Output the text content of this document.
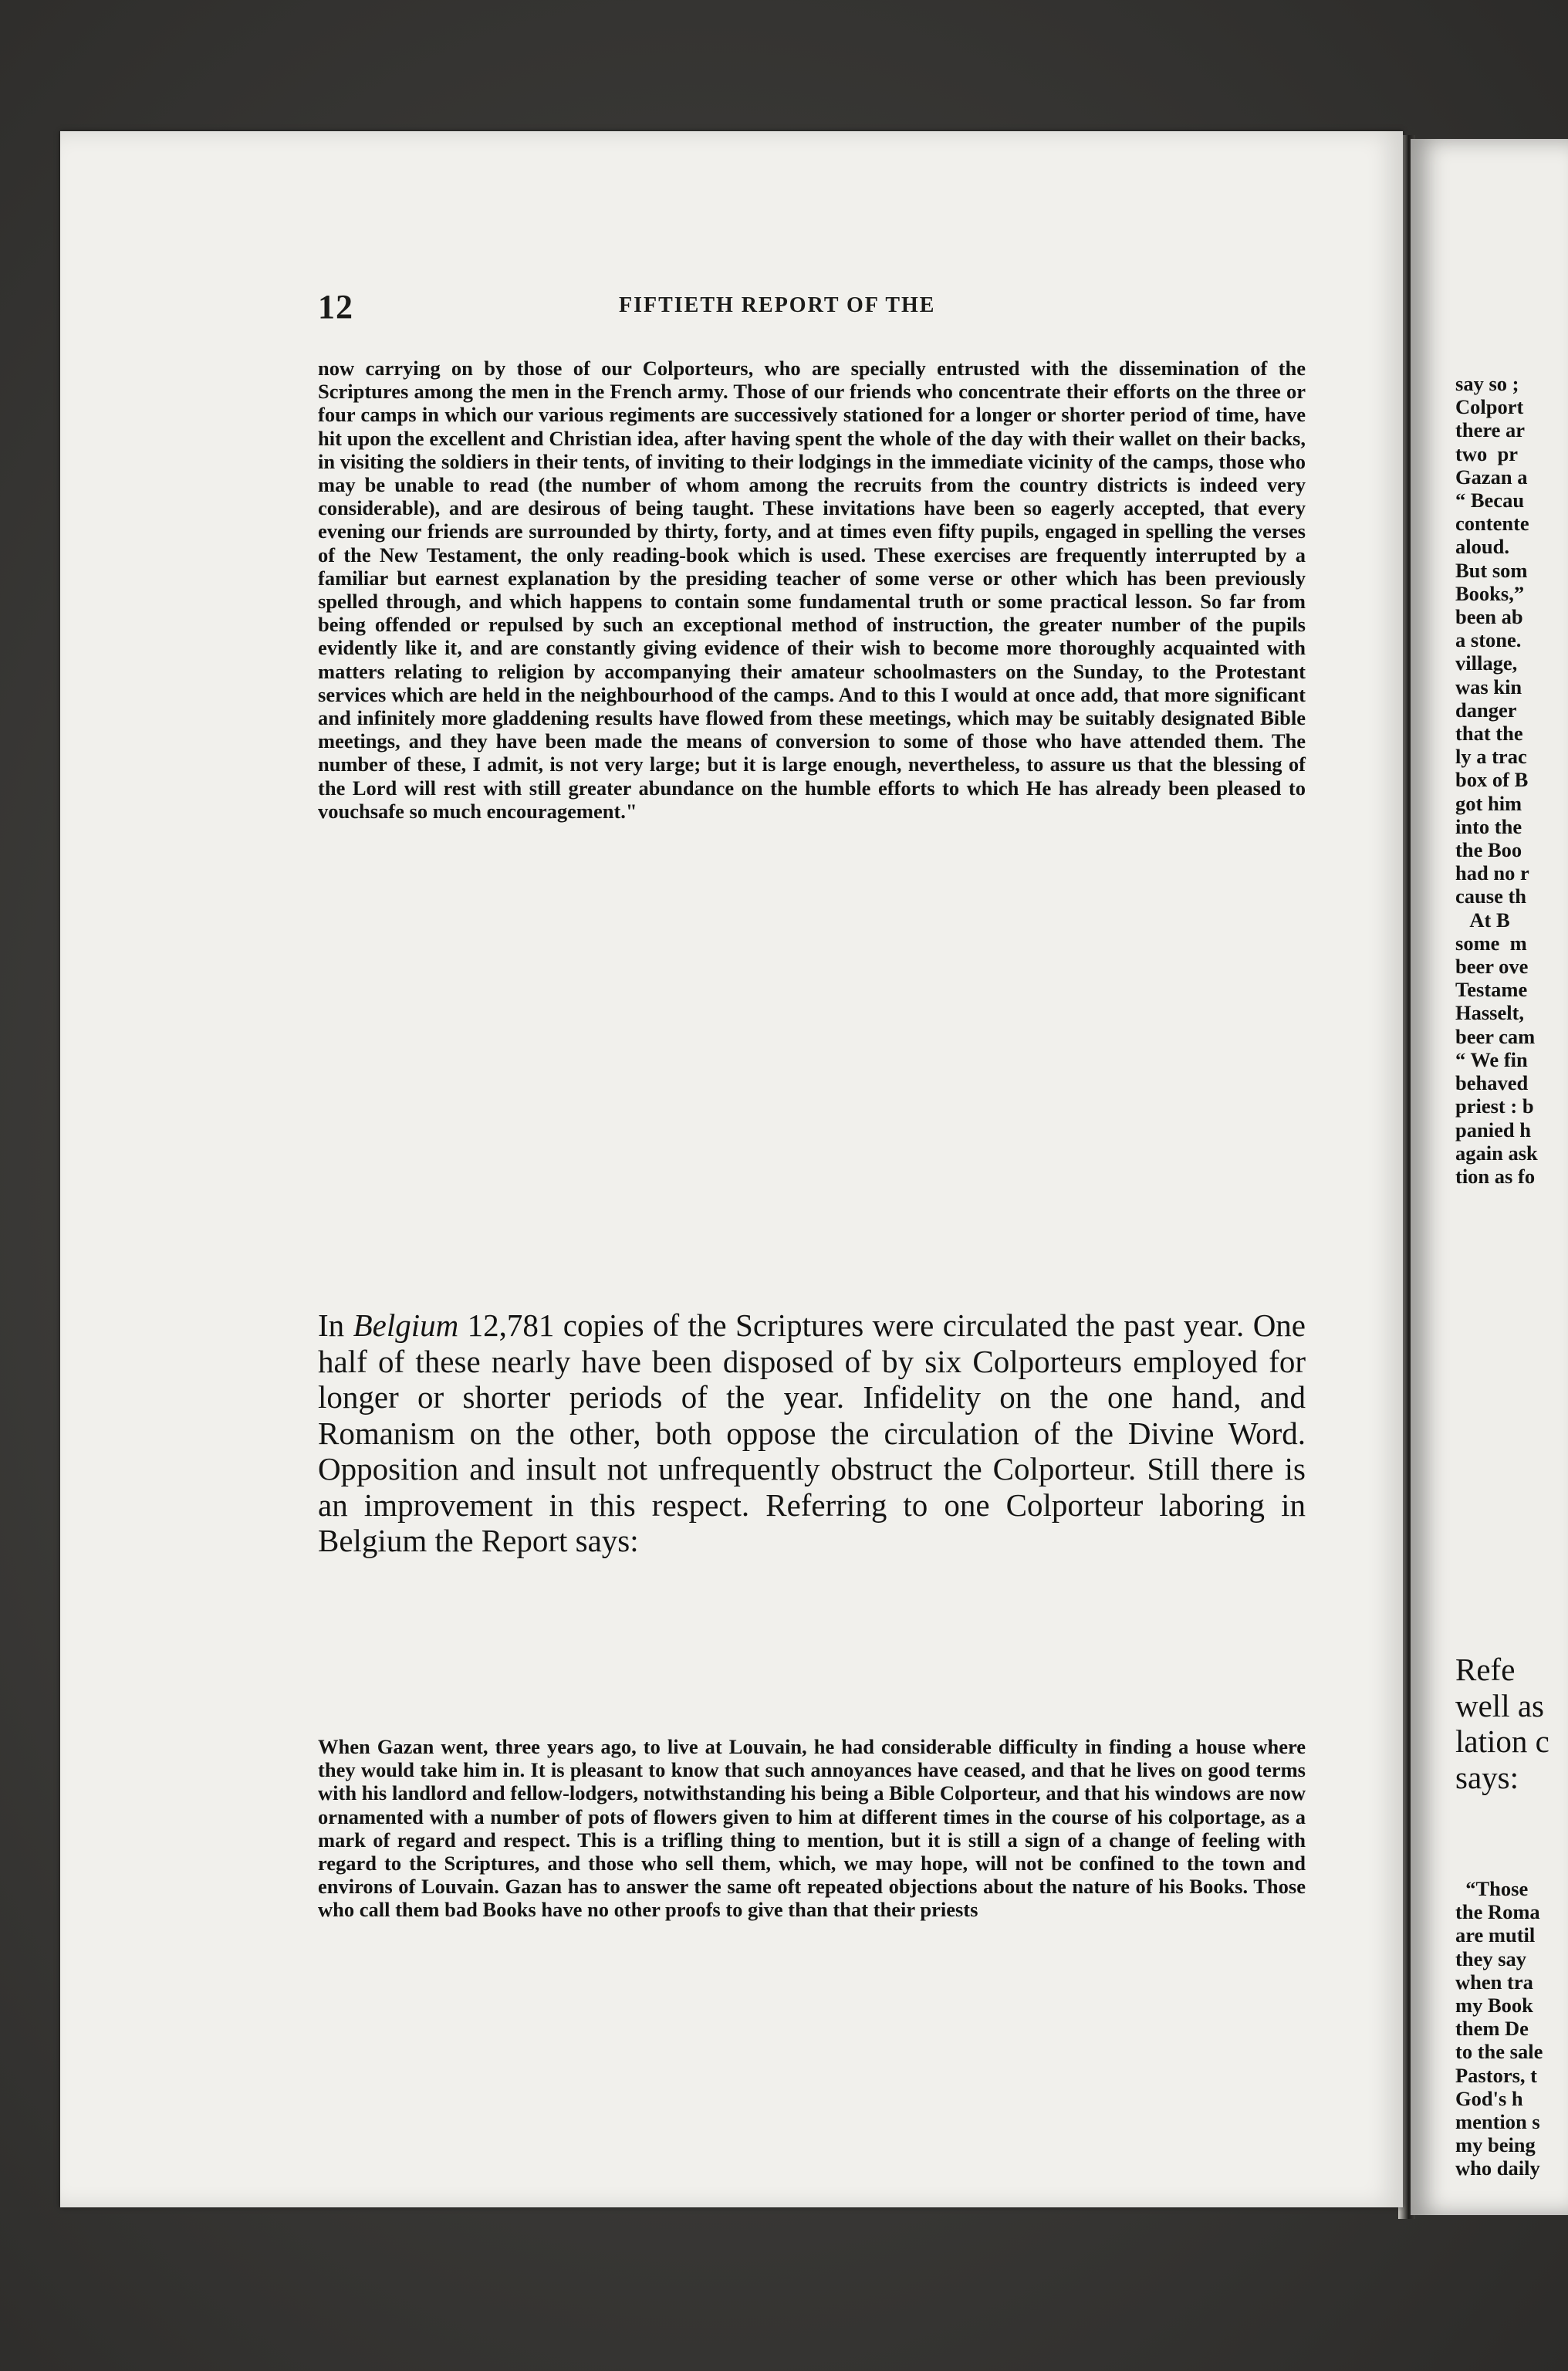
12	FIFTIETH REPORT OF THE

now carrying on by those of our Colporteurs, who are specially entrusted with the dissemination of the Scriptures among the men in the French army. Those of our friends who concentrate their efforts on the three or four camps in which our various regiments are successively stationed for a longer or shorter period of time, have hit upon the excellent and Christian idea, after having spent the whole of the day with their wallet on their backs, in visiting the soldiers in their tents, of inviting to their lodgings in the immediate vicinity of the camps, those who may be unable to read (the number of whom among the recruits from the country districts is indeed very considerable), and are desirous of being taught. These invitations have been so eagerly accepted, that every evening our friends are surrounded by thirty, forty, and at times even fifty pupils, engaged in spelling the verses of the New Testament, the only reading-book which is used. These exercises are frequently interrupted by a familiar but earnest explanation by the presiding teacher of some verse or other which has been previously spelled through, and which happens to contain some fundamental truth or some practical lesson. So far from being offended or repulsed by such an exceptional method of instruction, the greater number of the pupils evidently like it, and are constantly giving evidence of their wish to become more thoroughly acquainted with matters relating to religion by accompanying their amateur schoolmasters on the Sunday, to the Protestant services which are held in the neighbourhood of the camps. And to this I would at once add, that more significant and infinitely more gladdening results have flowed from these meetings, which may be suitably designated Bible meetings, and they have been made the means of conversion to some of those who have attended them. The number of these, I admit, is not very large; but it is large enough, nevertheless, to assure us that the blessing of the Lord will rest with still greater abundance on the humble efforts to which He has already been pleased to vouchsafe so much encouragement."

In Belgium 12,781 copies of the Scriptures were circulated the past year. One half of these nearly have been disposed of by six Colporteurs employed for longer or shorter periods of the year. Infidelity on the one hand, and Romanism on the other, both oppose the circulation of the Divine Word. Opposition and insult not unfrequently obstruct the Colporteur. Still there is an improvement in this respect. Referring to one Colporteur laboring in Belgium the Report says:

When Gazan went, three years ago, to live at Louvain, he had considerable difficulty in finding a house where they would take him in. It is pleasant to know that such annoyances have ceased, and that he lives on good terms with his landlord and fellow-lodgers, notwithstanding his being a Bible Colporteur, and that his windows are now ornamented with a number of pots of flowers given to him at different times in the course of his colportage, as a mark of regard and respect. This is a trifling thing to mention, but it is still a sign of a change of feeling with regard to the Scriptures, and those who sell them, which, we may hope, will not be confined to the town and environs of Louvain. Gazan has to answer the same oft repeated objections about the nature of his Books. Those who call them bad Books have no other proofs to give than that their priests

say so ;
Colport
there ar
two  pr
Gazan a
“ Becau
contente
aloud.
But som
Books,”
been ab
a stone.
village,
was kin
danger
that the
ly a trac
box of B
got him
into the
the Boo
had no r
cause th
At B
some  m
beer ove
Testame
Hasselt,
beer cam
“ We fin
behaved
priest : b
panied h
again ask
tion as fo
Refe
well as
lation c
says:
“Those
the Roma
are mutil
they say
when tra
my Book
them De
to the sale
Pastors, t
God's h
mention s
my being
who daily
